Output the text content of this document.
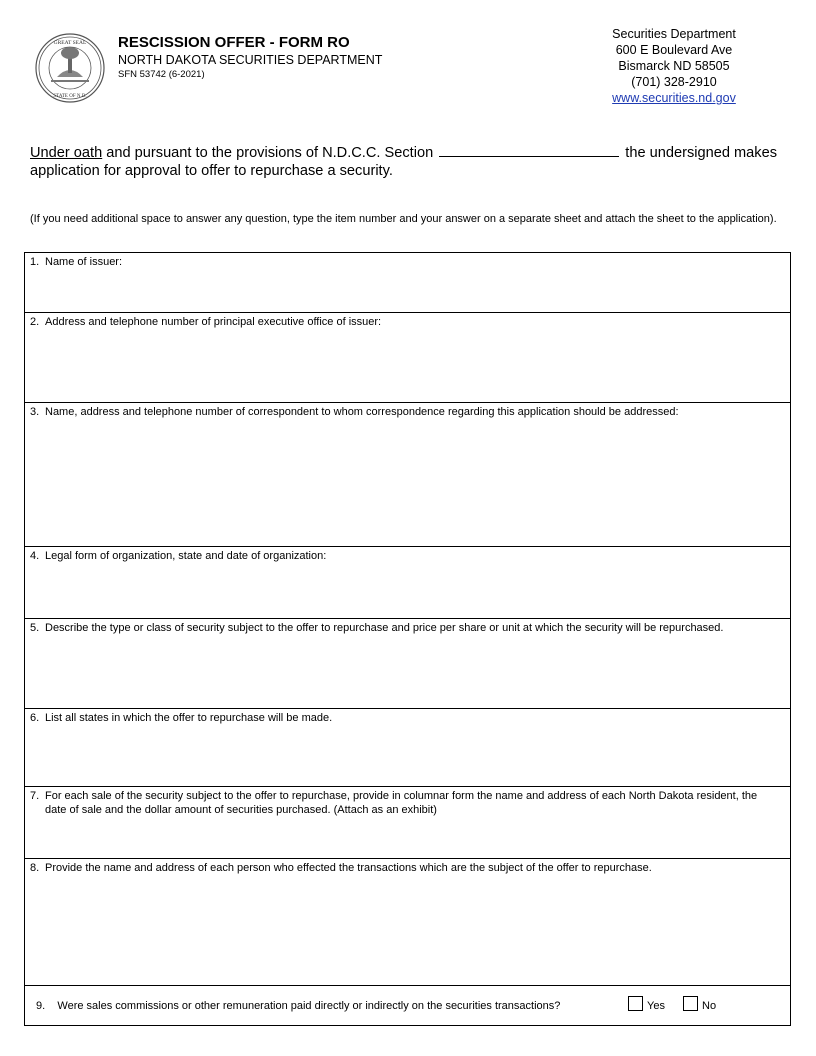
GREAT SEAL
STATE OF N.D.
RESCISSION OFFER - FORM RO
NORTH DAKOTA SECURITIES DEPARTMENT
SFN 53742 (6-2021)
Securities Department
600 E Boulevard Ave
Bismarck ND 58505
(701) 328-2910
www.securities.nd.gov
Under oath and pursuant to the provisions of N.D.C.C. Section	the undersigned makes application for approval to offer to repurchase a security.
(If you need additional space to answer any question, type the item number and your answer on a separate sheet and attach the sheet to the application).
1. Name of issuer:
2. Address and telephone number of principal executive office of issuer:
3. Name, address and telephone number of correspondent to whom correspondence regarding this application should be addressed:
4. Legal form of organization, state and date of organization:
5. Describe the type or class of security subject to the offer to repurchase and price per share or unit at which the security will be repurchased.
6. List all states in which the offer to repurchase will be made.
7. For each sale of the security subject to the offer to repurchase, provide in columnar form the name and address of each North Dakota resident, the date of sale and the dollar amount of securities purchased. (Attach as an exhibit)
8. Provide the name and address of each person who effected the transactions which are the subject of the offer to repurchase.
9. Were sales commissions or other remuneration paid directly or indirectly on the securities transactions?	Yes	No
